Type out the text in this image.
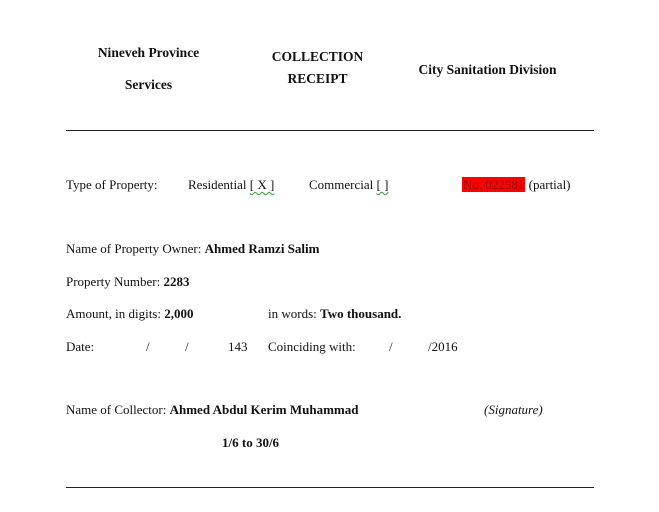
Nineveh Province
Services
COLLECTION
RECEIPT
City Sanitation Division
Type of Property: Residential [ X ]	Commercial [ ]	No. 022581 (partial)
Name of Property Owner: Ahmed Ramzi Salim
Property Number: 2283
Amount, in digits: 2,000	in words: Two thousand.
Date:	/	/	143 Coinciding with:	/	/2016
Name of Collector: Ahmed Abdul Kerim Muhammad	(Signature)
1/6 to 30/6
